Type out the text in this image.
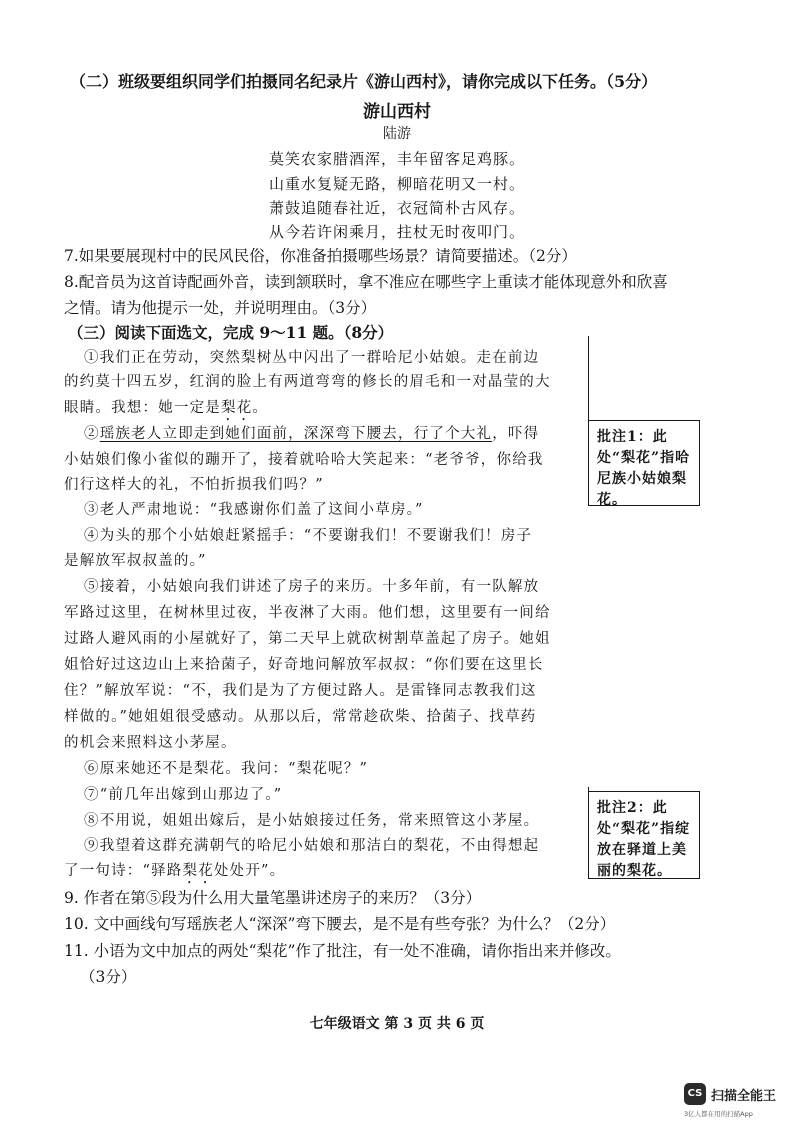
（二）班级要组织同学们拍摄同名纪录片《游山西村》，请你完成以下任务。（5分）
游山西村
陆游
莫笑农家腊酒浑，丰年留客足鸡豚。
山重水复疑无路，柳暗花明又一村。
萧鼓追随春社近，衣冠简朴古风存。
从今若许闲乘月，拄杖无时夜叩门。
7.如果要展现村中的民风民俗，你准备拍摄哪些场景？请简要描述。（2分）
8.配音员为这首诗配画外音，读到颔联时，拿不准应在哪些字上重读才能体现意外和欣喜
之情。请为他提示一处，并说明理由。（3分）
（三）阅读下面选文，完成 9～11 题。（8分）
①我们正在劳动，突然梨树丛中闪出了一群哈尼小姑娘。走在前边
的约莫十四五岁，红润的脸上有两道弯弯的修长的眉毛和一对晶莹的大
眼睛。我想：她一定是梨花。
②瑶族老人立即走到她们面前，深深弯下腰去，行了个大礼，吓得
小姑娘们像小雀似的蹦开了，接着就哈哈大笑起来：“老爷爷，你给我
们行这样大的礼，不怕折损我们吗？”
③老人严肃地说：“我感谢你们盖了这间小草房。”
④为头的那个小姑娘赶紧摇手：“不要谢我们！不要谢我们！房子
是解放军叔叔盖的。”
⑤接着，小姑娘向我们讲述了房子的来历。十多年前，有一队解放
军路过这里，在树林里过夜，半夜淋了大雨。他们想，这里要有一间给
过路人避风雨的小屋就好了，第二天早上就砍树割草盖起了房子。她姐
姐恰好过这边山上来拾菌子，好奇地问解放军叔叔：“你们要在这里长
住？”解放军说：“不，我们是为了方便过路人。是雷锋同志教我们这
样做的。”她姐姐很受感动。从那以后，常常趁砍柴、拾菌子、找草药
的机会来照料这小茅屋。
⑥原来她还不是梨花。我问：“梨花呢？”
⑦“前几年出嫁到山那边了。”
⑧不用说，姐姐出嫁后，是小姑娘接过任务，常来照管这小茅屋。
⑨我望着这群充满朝气的哈尼小姑娘和那洁白的梨花，不由得想起
了一句诗：“驿路梨花处处开”。
批注1：此处“梨花”指哈尼族小姑娘梨花。
批注2：此处“梨花”指绽放在驿道上美丽的梨花。
9. 作者在第⑤段为什么用大量笔墨讲述房子的来历？（3分）
10. 文中画线句写瑶族老人“深深”弯下腰去，是不是有些夸张？为什么？（2分）
11. 小语为文中加点的两处“梨花”作了批注，有一处不准确，请你指出来并修改。
（3分）
七年级语文 第 3 页 共 6 页
CS 扫描全能王
3亿人都在用的扫描App
